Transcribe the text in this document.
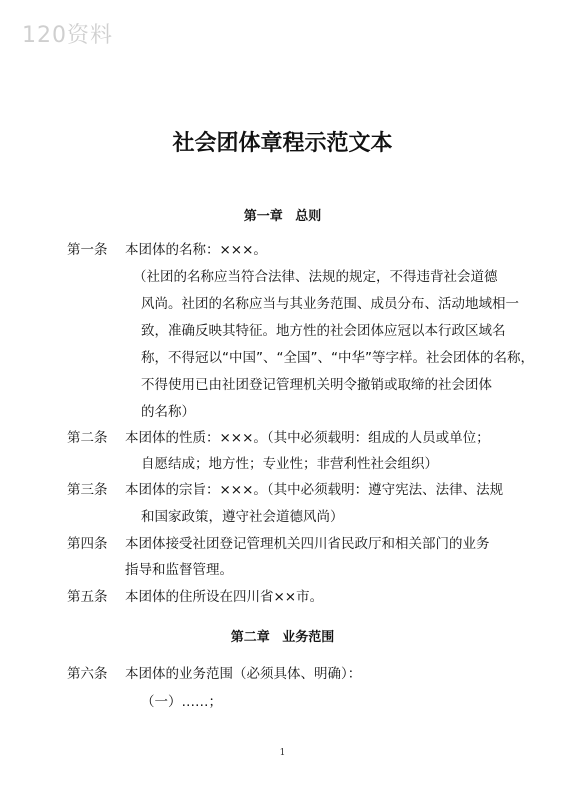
120资料
社会团体章程示范文本
第一章 总则
第一条 本团体的名称：×××。
（社团的名称应当符合法律、法规的规定，不得违背社会道德
风尚。社团的名称应当与其业务范围、成员分布、活动地域相一
致，准确反映其特征。地方性的社会团体应冠以本行政区域名
称，不得冠以“中国”、“全国”、“中华”等字样。社会团体的名称，
不得使用已由社团登记管理机关明令撤销或取缔的社会团体
的名称）
第二条 本团体的性质：×××。（其中必须载明：组成的人员或单位；
自愿结成；地方性；专业性；非营利性社会组织）
第三条 本团体的宗旨：×××。（其中必须载明：遵守宪法、法律、法规
和国家政策，遵守社会道德风尚）
第四条 本团体接受社团登记管理机关四川省民政厅和相关部门的业务
指导和监督管理。
第五条 本团体的住所设在四川省××市。
第二章 业务范围
第六条 本团体的业务范围（必须具体、明确）：
（一）……；
1
